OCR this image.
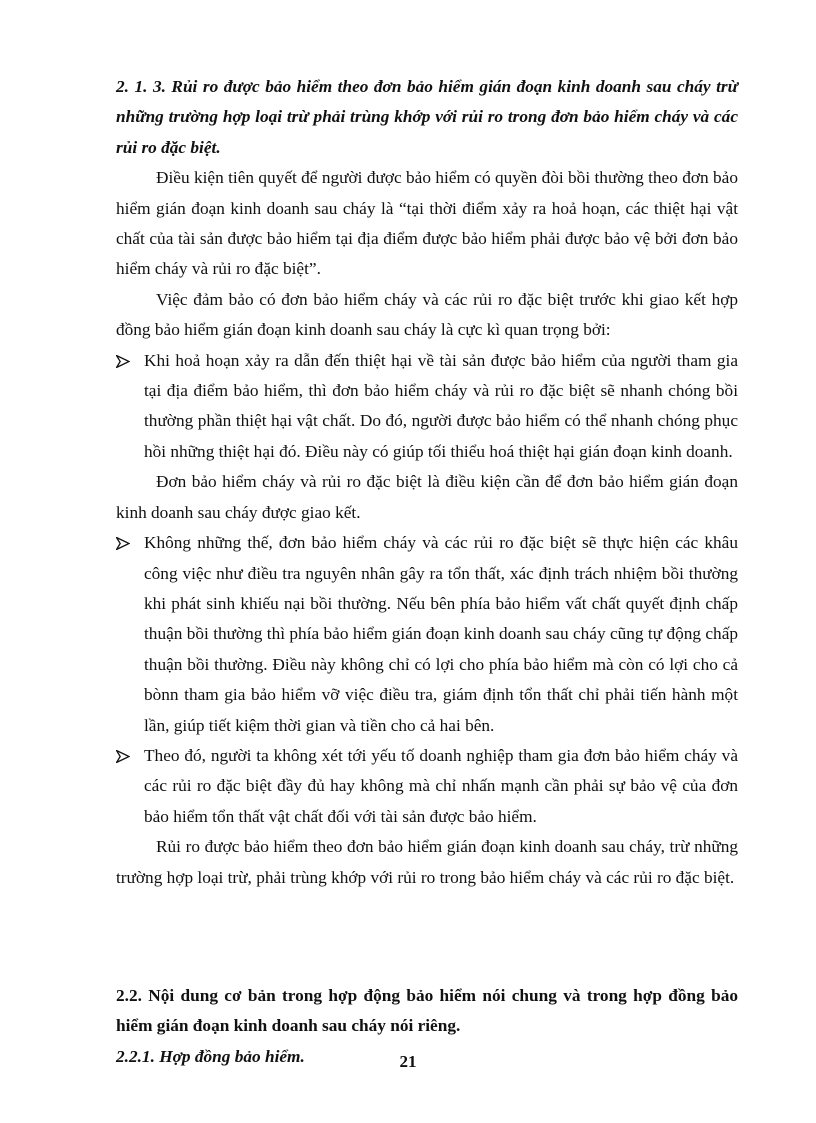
2. 1. 3. Rủi ro được bảo hiểm theo đơn bảo hiểm gián đoạn kinh doanh sau cháy trừ những trường hợp loại trừ phải trùng khớp với rủi ro trong đơn bảo hiểm cháy và các rủi ro đặc biệt.

Điều kiện tiên quyết để người được bảo hiểm có quyền đòi bồi thường theo đơn bảo hiểm gián đoạn kinh doanh sau cháy là “tại thời điểm xảy ra hoả hoạn, các thiệt hại vật chất của tài sản được bảo hiểm tại địa điểm được bảo hiểm phải được bảo vệ bởi đơn bảo hiểm cháy và rủi ro đặc biệt”.

Việc đảm bảo có đơn bảo hiểm cháy và các rủi ro đặc biệt trước khi giao kết hợp đồng bảo hiểm gián đoạn kinh doanh sau cháy là cực kì quan trọng bởi:

Khi hoả hoạn xảy ra dẫn đến thiệt hại về tài sản được bảo hiểm của người tham gia tại địa điểm bảo hiểm, thì đơn bảo hiểm cháy và rủi ro đặc biệt sẽ nhanh chóng bồi thường phần thiệt hại vật chất. Do đó, người được bảo hiểm có thể nhanh chóng phục hồi những thiệt hại đó. Điều này có giúp tối thiểu hoá thiệt hại gián đoạn kinh doanh.

Đơn bảo hiểm cháy và rủi ro đặc biệt là điều kiện cần để đơn bảo hiểm gián đoạn kinh doanh sau cháy được giao kết.

Không những thế, đơn bảo hiểm cháy và các rủi ro đặc biệt sẽ thực hiện các khâu công việc như điều tra nguyên nhân gây ra tổn thất, xác định trách nhiệm bồi thường khi phát sinh khiếu nại bồi thường. Nếu bên phía bảo hiểm vất chất quyết định chấp thuận bồi thường thì phía bảo hiểm gián đoạn kinh doanh sau cháy cũng tự động chấp thuận bồi thường. Điều này không chỉ có lợi cho phía bảo hiểm mà còn có lợi cho cả bònn tham gia bảo hiểm vỡ việc điều tra, giám định tổn thất chỉ phải tiến hành một lần, giúp tiết kiệm thời gian và tiền cho cả hai bên.

Theo đó, người ta không xét tới yếu tố doanh nghiệp tham gia đơn bảo hiểm cháy và các rủi ro đặc biệt đầy đủ hay không mà chỉ nhấn mạnh cần phải sự bảo vệ của đơn bảo hiểm tổn thất vật chất đối với tài sản được bảo hiểm.

Rủi ro được bảo hiểm theo đơn bảo hiểm gián đoạn kinh doanh sau cháy, trừ những trường hợp loại trừ, phải trùng khớp với rủi ro trong bảo hiểm cháy và các rủi ro đặc biệt.

2.2. Nội dung cơ bản trong hợp động bảo hiểm nói chung và trong hợp đồng bảo hiểm gián đoạn kinh doanh sau cháy nói riêng.

2.2.1. Hợp đồng bảo hiểm.	21
